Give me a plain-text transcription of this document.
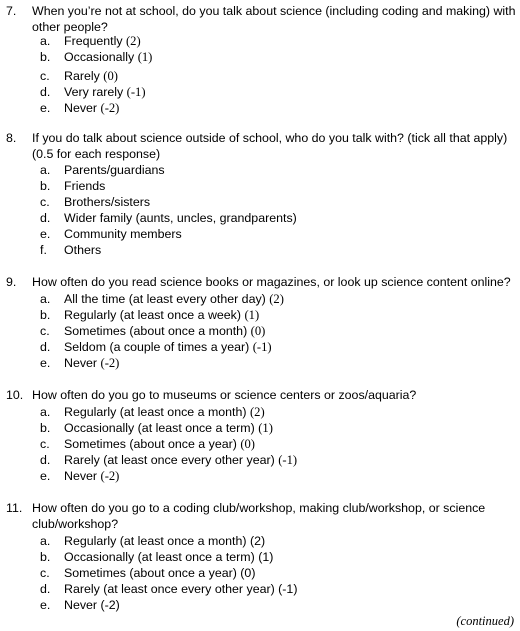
7.	When you’re not at school, do you talk about science (including coding and making) with other people?
a. Frequently (2)
b. Occasionally (1)
c. Rarely (0)
d. Very rarely (-1)
e. Never (-2)
8.	If you do talk about science outside of school, who do you talk with? (tick all that apply) (0.5 for each response)
a. Parents/guardians
b. Friends
c. Brothers/sisters
d. Wider family (aunts, uncles, grandparents)
e. Community members
f. Others
9.	How often do you read science books or magazines, or look up science content online?
a. All the time (at least every other day) (2)
b. Regularly (at least once a week) (1)
c. Sometimes (about once a month) (0)
d. Seldom (a couple of times a year) (-1)
e. Never (-2)
10. How often do you go to museums or science centers or zoos/aquaria?
a. Regularly (at least once a month) (2)
b. Occasionally (at least once a term) (1)
c. Sometimes (about once a year) (0)
d. Rarely (at least once every other year) (-1)
e. Never (-2)
11. How often do you go to a coding club/workshop, making club/workshop, or science club/workshop?
a. Regularly (at least once a month) (2)
b. Occasionally (at least once a term) (1)
c. Sometimes (about once a year) (0)
d. Rarely (at least once every other year) (-1)
e. Never (-2)
(continued)
